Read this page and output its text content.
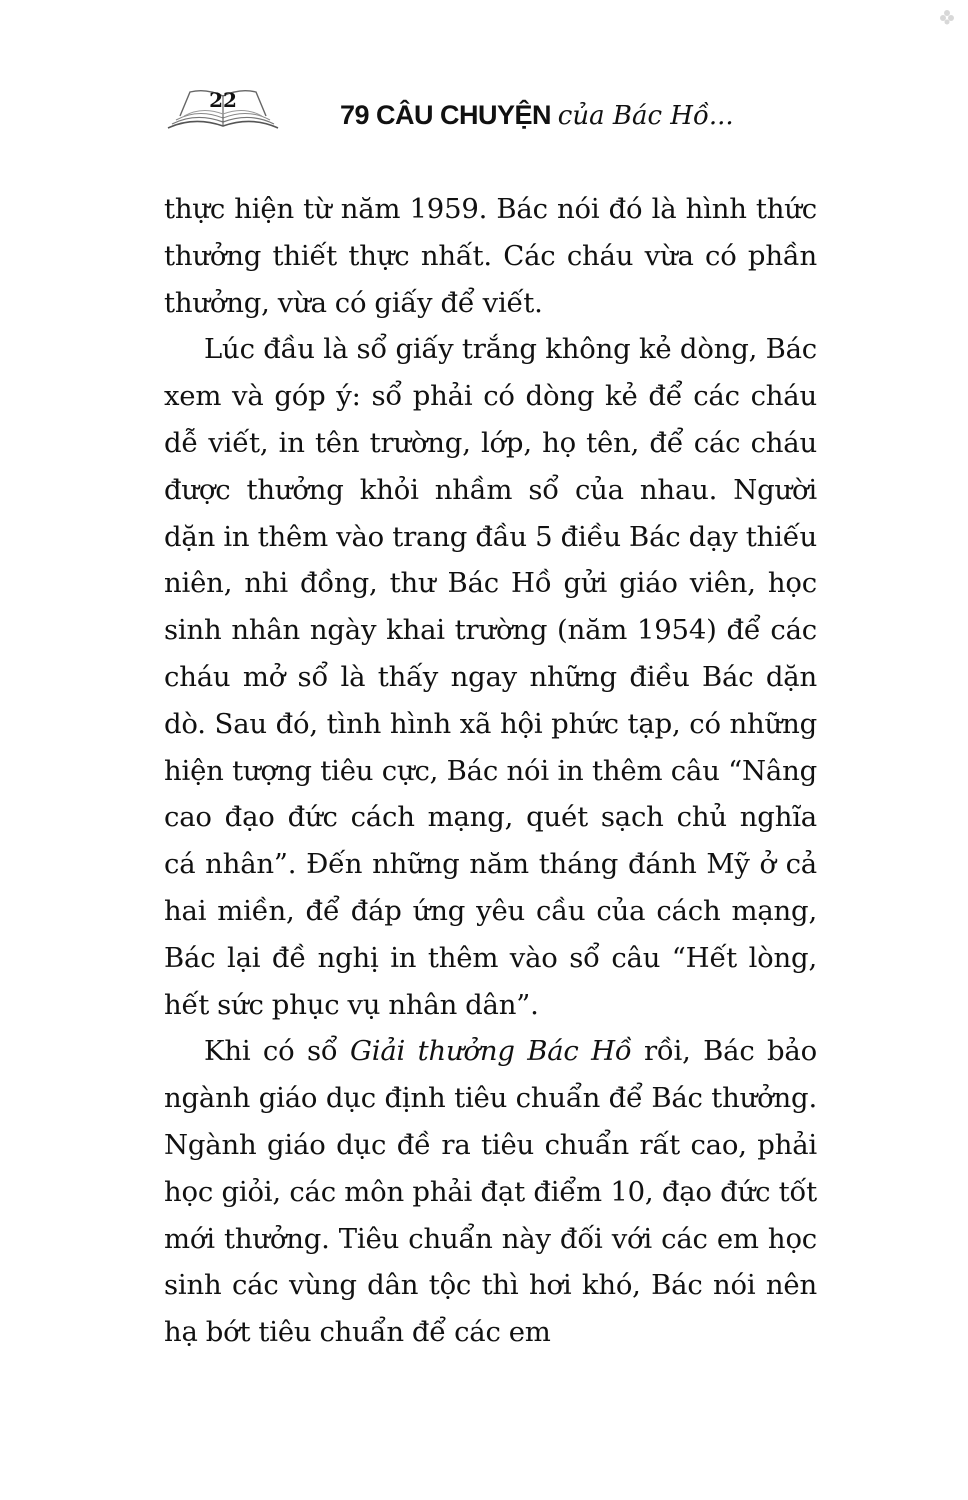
22	79 CÂU CHUYỆN của Bác Hồ...

thực hiện từ năm 1959. Bác nói đó là hình thức thưởng thiết thực nhất. Các cháu vừa có phần thưởng, vừa có giấy để viết.

Lúc đầu là sổ giấy trắng không kẻ dòng, Bác xem và góp ý: sổ phải có dòng kẻ để các cháu dễ viết, in tên trường, lớp, họ tên, để các cháu được thưởng khỏi nhầm sổ của nhau. Người dặn in thêm vào trang đầu 5 điều Bác dạy thiếu niên, nhi đồng, thư Bác Hồ gửi giáo viên, học sinh nhân ngày khai trường (năm 1954) để các cháu mở sổ là thấy ngay những điều Bác dặn dò. Sau đó, tình hình xã hội phức tạp, có những hiện tượng tiêu cực, Bác nói in thêm câu “Nâng cao đạo đức cách mạng, quét sạch chủ nghĩa cá nhân”. Đến những năm tháng đánh Mỹ ở cả hai miền, để đáp ứng yêu cầu của cách mạng, Bác lại đề nghị in thêm vào sổ câu “Hết lòng, hết sức phục vụ nhân dân”.

Khi có sổ Giải thưởng Bác Hồ rồi, Bác bảo ngành giáo dục định tiêu chuẩn để Bác thưởng. Ngành giáo dục đề ra tiêu chuẩn rất cao, phải học giỏi, các môn phải đạt điểm 10, đạo đức tốt mới thưởng. Tiêu chuẩn này đối với các em học sinh các vùng dân tộc thì hơi khó, Bác nói nên hạ bớt tiêu chuẩn để các em
